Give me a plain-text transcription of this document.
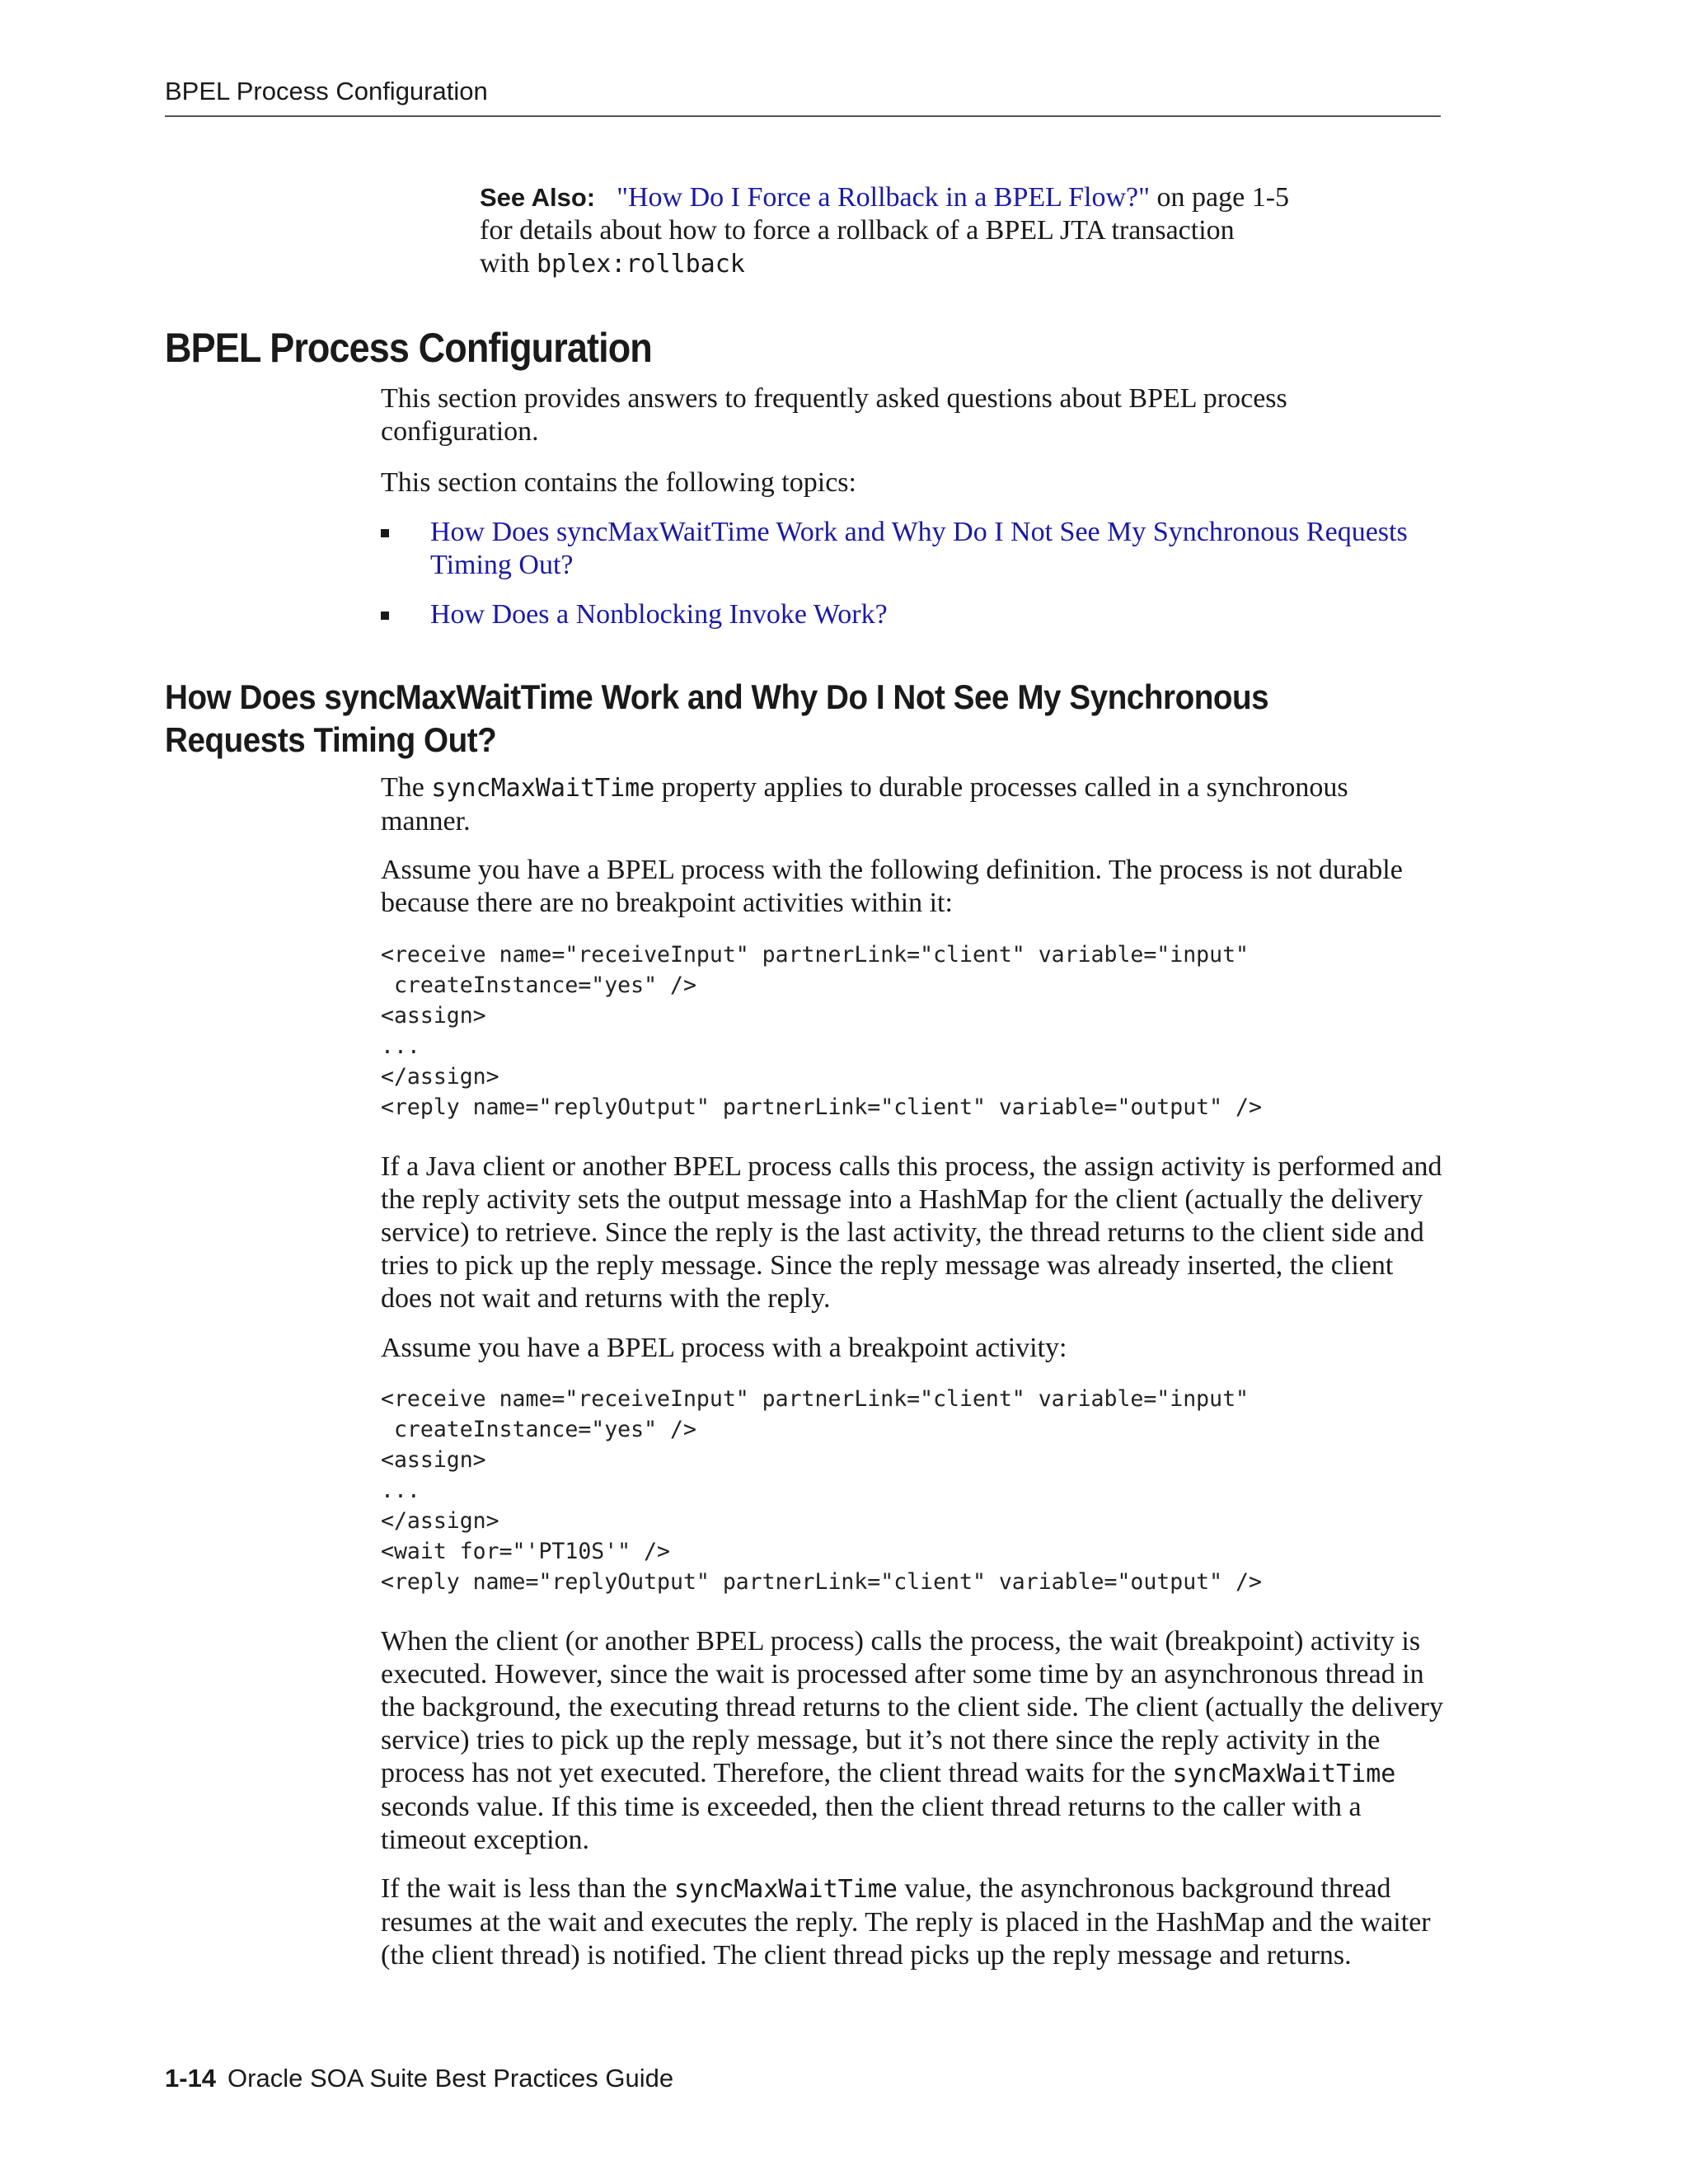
BPEL Process Configuration
See Also: "How Do I Force a Rollback in a BPEL Flow?" on page 1-5
for details about how to force a rollback of a BPEL JTA transaction
with bplex:rollback
BPEL Process Configuration

This section provides answers to frequently asked questions about BPEL process configuration.

This section contains the following topics:

How Does syncMaxWaitTime Work and Why Do I Not See My Synchronous Requests Timing Out?
How Does a Nonblocking Invoke Work?
How Does syncMaxWaitTime Work and Why Do I Not See My Synchronous Requests Timing Out?

The syncMaxWaitTime property applies to durable processes called in a synchronous manner.

Assume you have a BPEL process with the following definition. The process is not durable because there are no breakpoint activities within it:

<receive name="receiveInput" partnerLink="client" variable="input"
createInstance="yes" />
<assign>
...
</assign>
<reply name="replyOutput" partnerLink="client" variable="output" />

If a Java client or another BPEL process calls this process, the assign activity is performed and the reply activity sets the output message into a HashMap for the client (actually the delivery service) to retrieve. Since the reply is the last activity, the thread returns to the client side and tries to pick up the reply message. Since the reply message was already inserted, the client does not wait and returns with the reply.

Assume you have a BPEL process with a breakpoint activity:

<receive name="receiveInput" partnerLink="client" variable="input"
createInstance="yes" />
<assign>
...
</assign>
<wait for="'PT10S'" />
<reply name="replyOutput" partnerLink="client" variable="output" />

When the client (or another BPEL process) calls the process, the wait (breakpoint) activity is executed. However, since the wait is processed after some time by an asynchronous thread in the background, the executing thread returns to the client side. The client (actually the delivery service) tries to pick up the reply message, but it’s not there since the reply activity in the process has not yet executed. Therefore, the client thread waits for the syncMaxWaitTime seconds value. If this time is exceeded, then the client thread returns to the caller with a timeout exception.

If the wait is less than the syncMaxWaitTime value, the asynchronous background thread resumes at the wait and executes the reply. The reply is placed in the HashMap and the waiter (the client thread) is notified. The client thread picks up the reply message and returns.

1-14 Oracle SOA Suite Best Practices Guide
